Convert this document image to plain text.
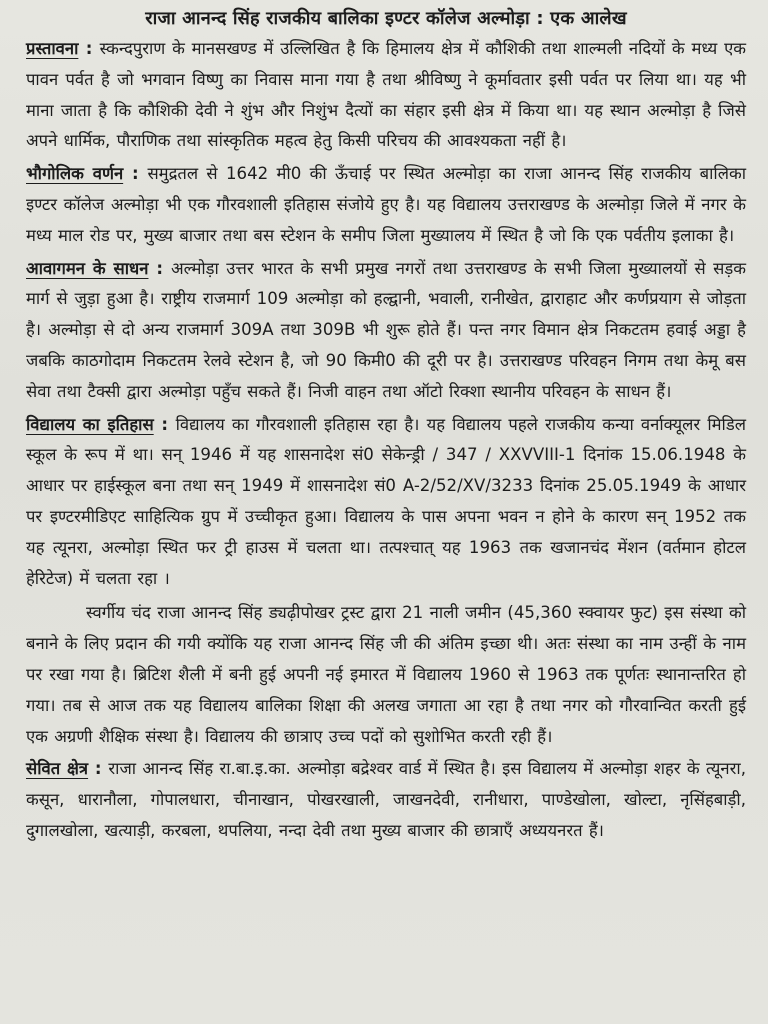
राजा आनन्द सिंह राजकीय बालिका इण्टर कॉलेज अल्मोड़ा : एक आलेख

प्रस्तावना : स्कन्दपुराण के मानसखण्ड में उल्लिखित है कि हिमालय क्षेत्र में कौशिकी तथा शाल्मली नदियों के मध्य एक पावन पर्वत है जो भगवान विष्णु का निवास माना गया है तथा श्रीविष्णु ने कूर्मावतार इसी पर्वत पर लिया था। यह भी माना जाता है कि कौशिकी देवी ने शुंभ और निशुंभ दैत्यों का संहार इसी क्षेत्र में किया था। यह स्थान अल्मोड़ा है जिसे अपने धार्मिक, पौराणिक तथा सांस्कृतिक महत्व हेतु किसी परिचय की आवश्यकता नहीं है।

भौगोलिक वर्णन : समुद्रतल से 1642 मी0 की ऊँचाई पर स्थित अल्मोड़ा का राजा आनन्द सिंह राजकीय बालिका इण्टर कॉलेज अल्मोड़ा भी एक गौरवशाली इतिहास संजोये हुए है। यह विद्यालय उत्तराखण्ड के अल्मोड़ा जिले में नगर के मध्य माल रोड पर, मुख्य बाजार तथा बस स्टेशन के समीप जिला मुख्यालय में स्थित है जो कि एक पर्वतीय इलाका है।

आवागमन के साधन : अल्मोड़ा उत्तर भारत के सभी प्रमुख नगरों तथा उत्तराखण्ड के सभी जिला मुख्यालयों से सड़क मार्ग से जुड़ा हुआ है। राष्ट्रीय राजमार्ग 109 अल्मोड़ा को हल्द्वानी, भवाली, रानीखेत, द्वाराहाट और कर्णप्रयाग से जोड़ता है। अल्मोड़ा से दो अन्य राजमार्ग 309A तथा 309B भी शुरू होते हैं। पन्त नगर विमान क्षेत्र निकटतम हवाई अड्डा है जबकि काठगोदाम निकटतम रेलवे स्टेशन है, जो 90 किमी0 की दूरी पर है। उत्तराखण्ड परिवहन निगम तथा केमू बस सेवा तथा टैक्सी द्वारा अल्मोड़ा पहुँच सकते हैं। निजी वाहन तथा ऑटो रिक्शा स्थानीय परिवहन के साधन हैं।

विद्यालय का इतिहास : विद्यालय का गौरवशाली इतिहास रहा है। यह विद्यालय पहले राजकीय कन्या वर्नाक्यूलर मिडिल स्कूल के रूप में था। सन् 1946 में यह शासनादेश सं0 सेकेन्ड्री / 347 / XXVVIII-1 दिनांक 15.06.1948 के आधार पर हाईस्कूल बना तथा सन् 1949 में शासनादेश सं0 A-2/52/XV/3233 दिनांक 25.05.1949 के आधार पर इण्टरमीडिएट साहित्यिक ग्रुप में उच्चीकृत हुआ। विद्यालय के पास अपना भवन न होने के कारण सन् 1952 तक यह त्यूनरा, अल्मोड़ा स्थित फर ट्री हाउस में चलता था। तत्पश्चात् यह 1963 तक खजानचंद मेंशन (वर्तमान होटल हेरिटेज) में चलता रहा ।

स्वर्गीय चंद राजा आनन्द सिंह ड्यढ़ीपोखर ट्रस्ट द्वारा 21 नाली जमीन (45,360 स्क्वायर फुट) इस संस्था को बनाने के लिए प्रदान की गयी क्योंकि यह राजा आनन्द सिंह जी की अंतिम इच्छा थी। अतः संस्था का नाम उन्हीं के नाम पर रखा गया है। ब्रिटिश शैली में बनी हुई अपनी नई इमारत में विद्यालय 1960 से 1963 तक पूर्णतः स्थानान्तरित हो गया। तब से आज तक यह विद्यालय बालिका शिक्षा की अलख जगाता आ रहा है तथा नगर को गौरवान्वित करती हुई एक अग्रणी शैक्षिक संस्था है। विद्यालय की छात्राए उच्च पदों को सुशोभित करती रही हैं।

सेवित क्षेत्र : राजा आनन्द सिंह रा.बा.इ.का. अल्मोड़ा बद्रेश्वर वार्ड में स्थित है। इस विद्यालय में अल्मोड़ा शहर के त्यूनरा, कसून, धारानौला, गोपालधारा, चीनाखान, पोखरखाली, जाखनदेवी, रानीधारा, पाण्डेखोला, खोल्टा, नृसिंहबाड़ी, दुगालखोला, खत्याड़ी, करबला, थपलिया, नन्दा देवी तथा मुख्य बाजार की छात्राएँ अध्ययनरत हैं।
